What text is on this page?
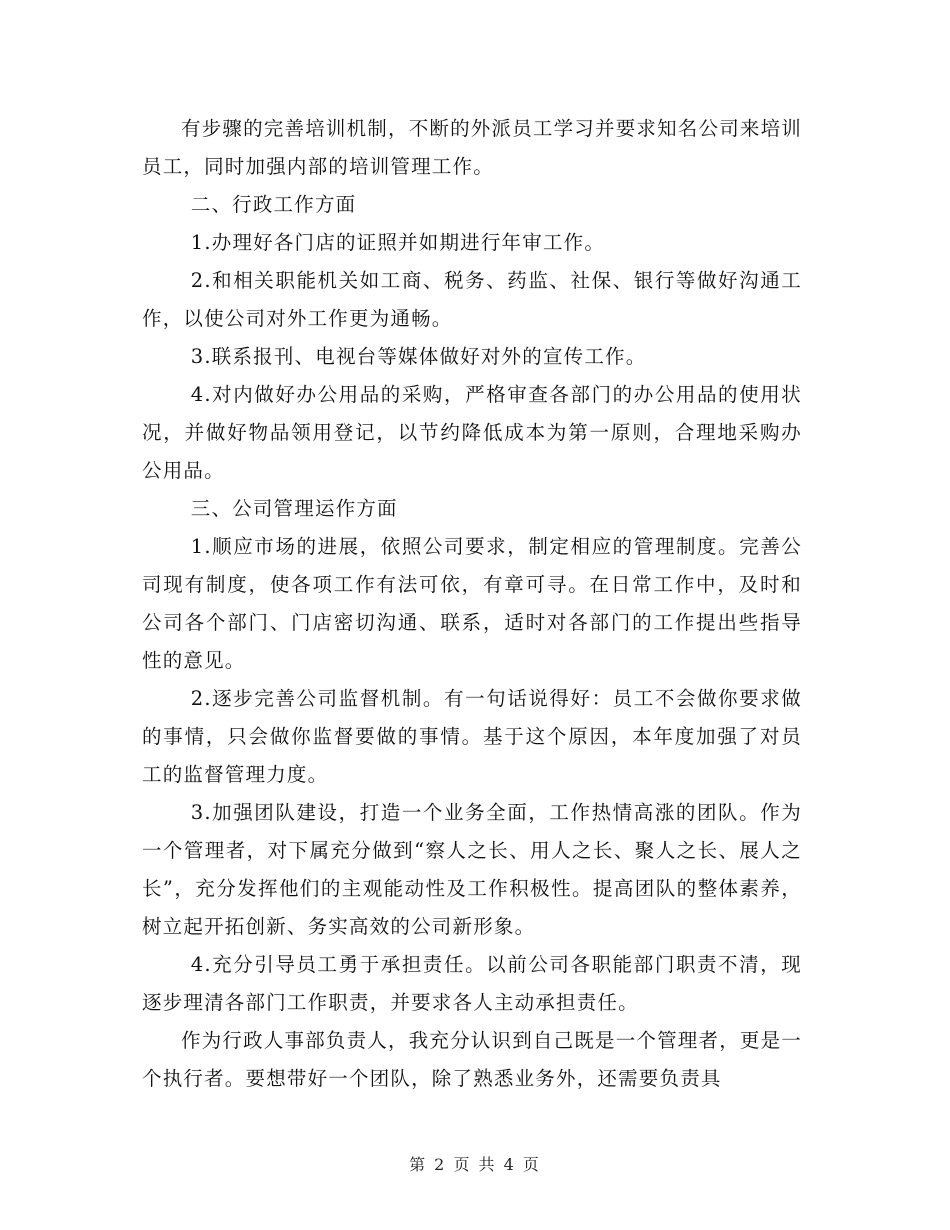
有步骤的完善培训机制，不断的外派员工学习并要求知名公司来培训员工，同时加强内部的培训管理工作。

二、行政工作方面

1.办理好各门店的证照并如期进行年审工作。

2.和相关职能机关如工商、税务、药监、社保、银行等做好沟通工作，以使公司对外工作更为通畅。

3.联系报刊、电视台等媒体做好对外的宣传工作。

4.对内做好办公用品的采购，严格审查各部门的办公用品的使用状况，并做好物品领用登记，以节约降低成本为第一原则，合理地采购办公用品。

三、公司管理运作方面

1.顺应市场的进展，依照公司要求，制定相应的管理制度。完善公司现有制度，使各项工作有法可依，有章可寻。在日常工作中，及时和公司各个部门、门店密切沟通、联系，适时对各部门的工作提出些指导性的意见。

2.逐步完善公司监督机制。有一句话说得好：员工不会做你要求做的事情，只会做你监督要做的事情。基于这个原因，本年度加强了对员工的监督管理力度。

3.加强团队建设，打造一个业务全面，工作热情高涨的团队。作为一个管理者，对下属充分做到“察人之长、用人之长、聚人之长、展人之长”，充分发挥他们的主观能动性及工作积极性。提高团队的整体素养，树立起开拓创新、务实高效的公司新形象。

4.充分引导员工勇于承担责任。以前公司各职能部门职责不清，现逐步理清各部门工作职责，并要求各人主动承担责任。

作为行政人事部负责人，我充分认识到自己既是一个管理者，更是一个执行者。要想带好一个团队，除了熟悉业务外，还需要负责具

第 2 页 共 4 页
